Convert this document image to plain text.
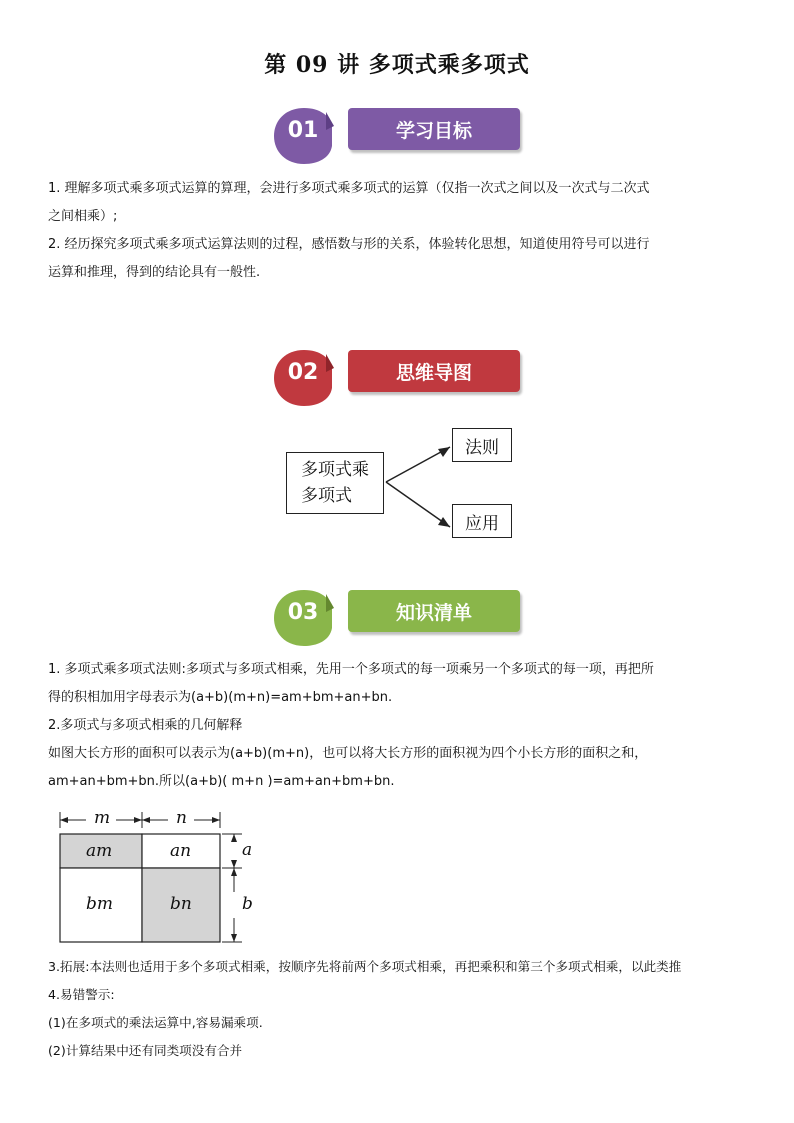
第 09 讲 多项式乘多项式
01	学习目标
1. 理解多项式乘多项式运算的算理，会进行多项式乘多项式的运算（仅指一次式之间以及一次式与二次式
之间相乘）;
2. 经历探究多项式乘多项式运算法则的过程，感悟数与形的关系，体验转化思想，知道使用符号可以进行
运算和推理，得到的结论具有一般性.
02	思维导图
多项式乘
多项式
法则
应用
03	知识清单
1. 多项式乘多项式法则:多项式与多项式相乘，先用一个多项式的每一项乘另一个多项式的每一项，再把所
得的积相加用字母表示为(a+b)(m+n)=am+bm+an+bn.
2.多项式与多项式相乘的几何解释
如图大长方形的面积可以表示为(a+b)(m+n)，也可以将大长方形的面积视为四个小长方形的面积之和，
am+an+bm+bn.所以(a+b)( m+n )=am+an+bm+bn.
m	n
a
b
am	an
bm	bn
3.拓展:本法则也适用于多个多项式相乘，按顺序先将前两个多项式相乘，再把乘积和第三个多项式相乘，以此类推
4.易错警示:
(1)在多项式的乘法运算中,容易漏乘项.
(2)计算结果中还有同类项没有合并
